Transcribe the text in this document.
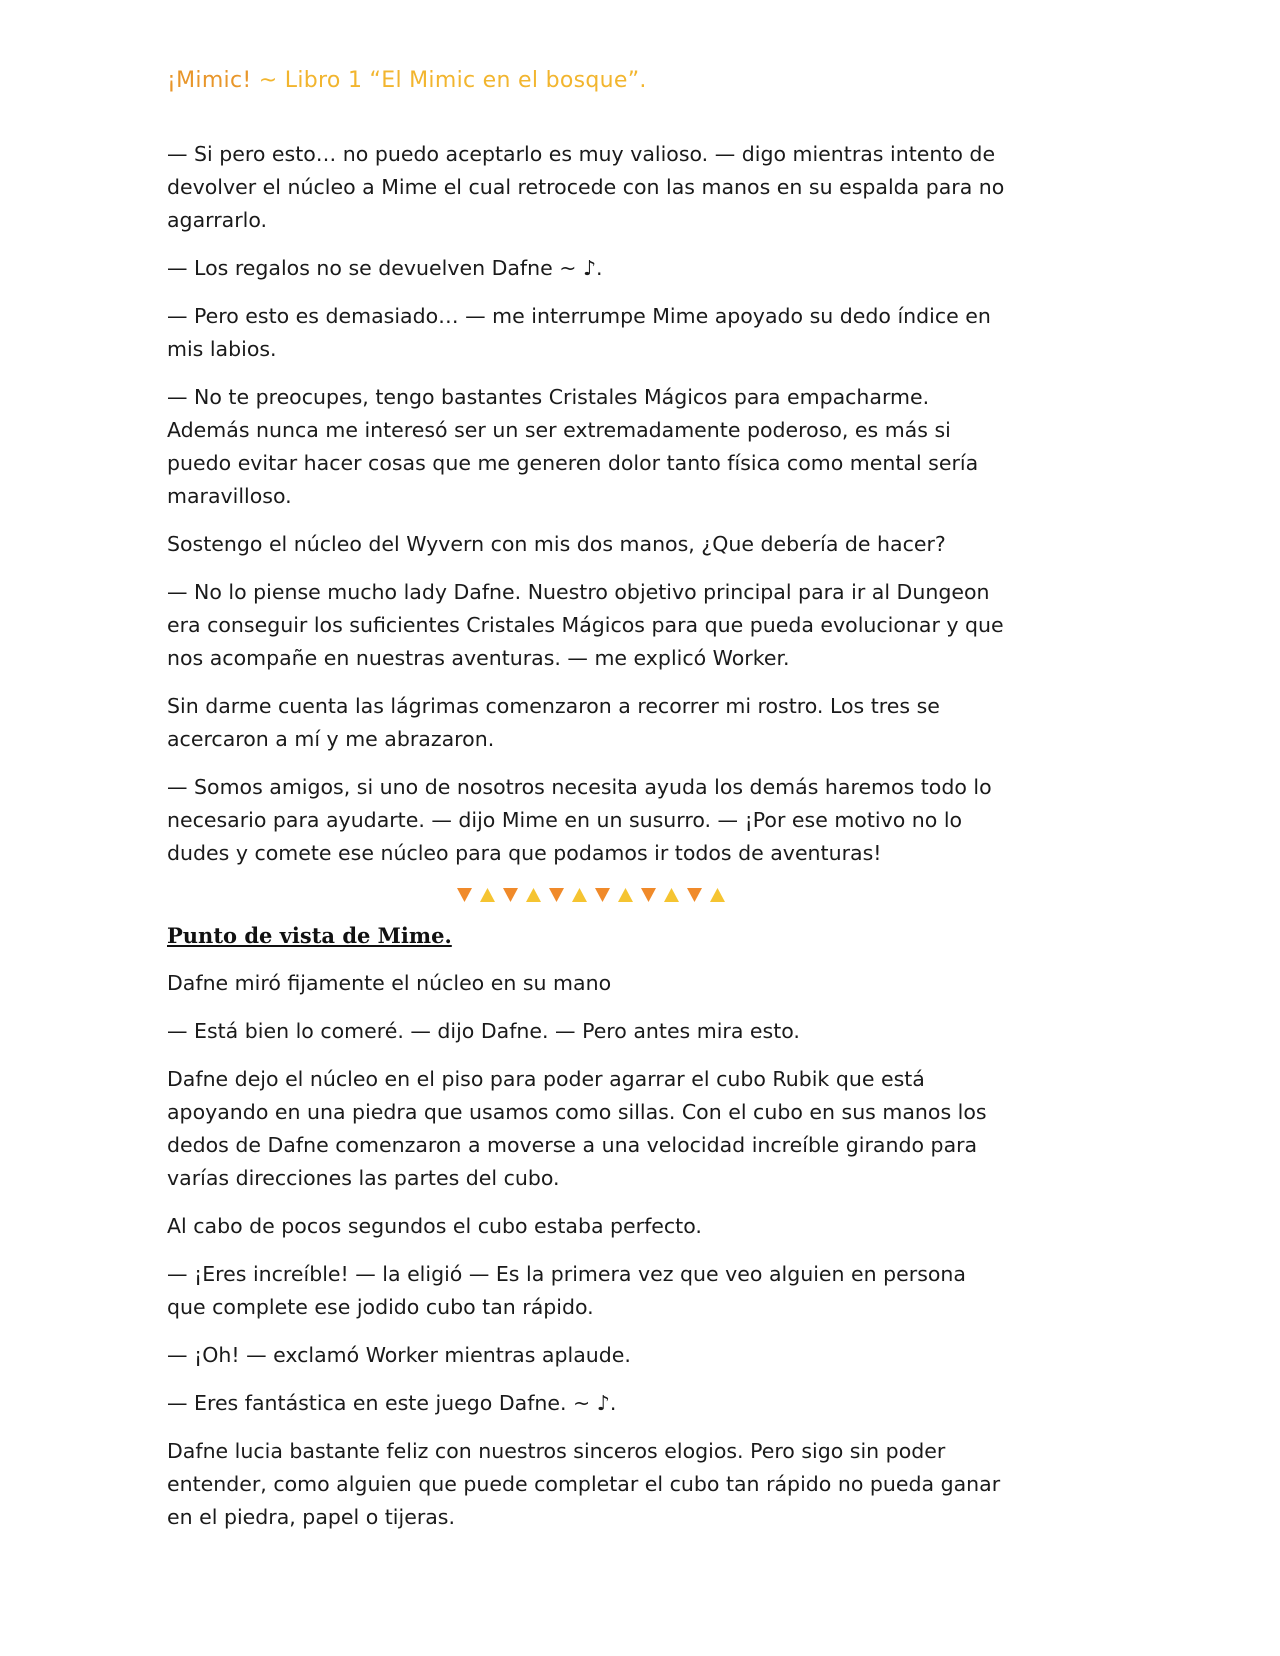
¡Mimic! ~ Libro 1 “El Mimic en el bosque”.

— Si pero esto… no puedo aceptarlo es muy valioso. — digo mientras intento de devolver el núcleo a Mime el cual retrocede con las manos en su espalda para no agarrarlo.

— Los regalos no se devuelven Dafne ~ ♪.

— Pero esto es demasiado… — me interrumpe Mime apoyado su dedo índice en mis labios.

— No te preocupes, tengo bastantes Cristales Mágicos para empacharme. Además nunca me interesó ser un ser extremadamente poderoso, es más si puedo evitar hacer cosas que me generen dolor tanto física como mental sería maravilloso.

Sostengo el núcleo del Wyvern con mis dos manos, ¿Que debería de hacer?

— No lo piense mucho lady Dafne. Nuestro objetivo principal para ir al Dungeon era conseguir los suficientes Cristales Mágicos para que pueda evolucionar y que nos acompañe en nuestras aventuras. — me explicó Worker.

Sin darme cuenta las lágrimas comenzaron a recorrer mi rostro. Los tres se acercaron a mí y me abrazaron.

— Somos amigos, si uno de nosotros necesita ayuda los demás haremos todo lo necesario para ayudarte. — dijo Mime en un susurro. — ¡Por ese motivo no lo dudes y comete ese núcleo para que podamos ir todos de aventuras!

Punto de vista de Mime.

Dafne miró fijamente el núcleo en su mano

— Está bien lo comeré. — dijo Dafne. — Pero antes mira esto.

Dafne dejo el núcleo en el piso para poder agarrar el cubo Rubik que está apoyando en una piedra que usamos como sillas. Con el cubo en sus manos los dedos de Dafne comenzaron a moverse a una velocidad increíble girando para varías direcciones las partes del cubo.

Al cabo de pocos segundos el cubo estaba perfecto.

— ¡Eres increíble! — la eligió — Es la primera vez que veo alguien en persona que complete ese jodido cubo tan rápido.

— ¡Oh! — exclamó Worker mientras aplaude.

— Eres fantástica en este juego Dafne. ~ ♪.

Dafne lucia bastante feliz con nuestros sinceros elogios. Pero sigo sin poder entender, como alguien que puede completar el cubo tan rápido no pueda ganar en el piedra, papel o tijeras.
